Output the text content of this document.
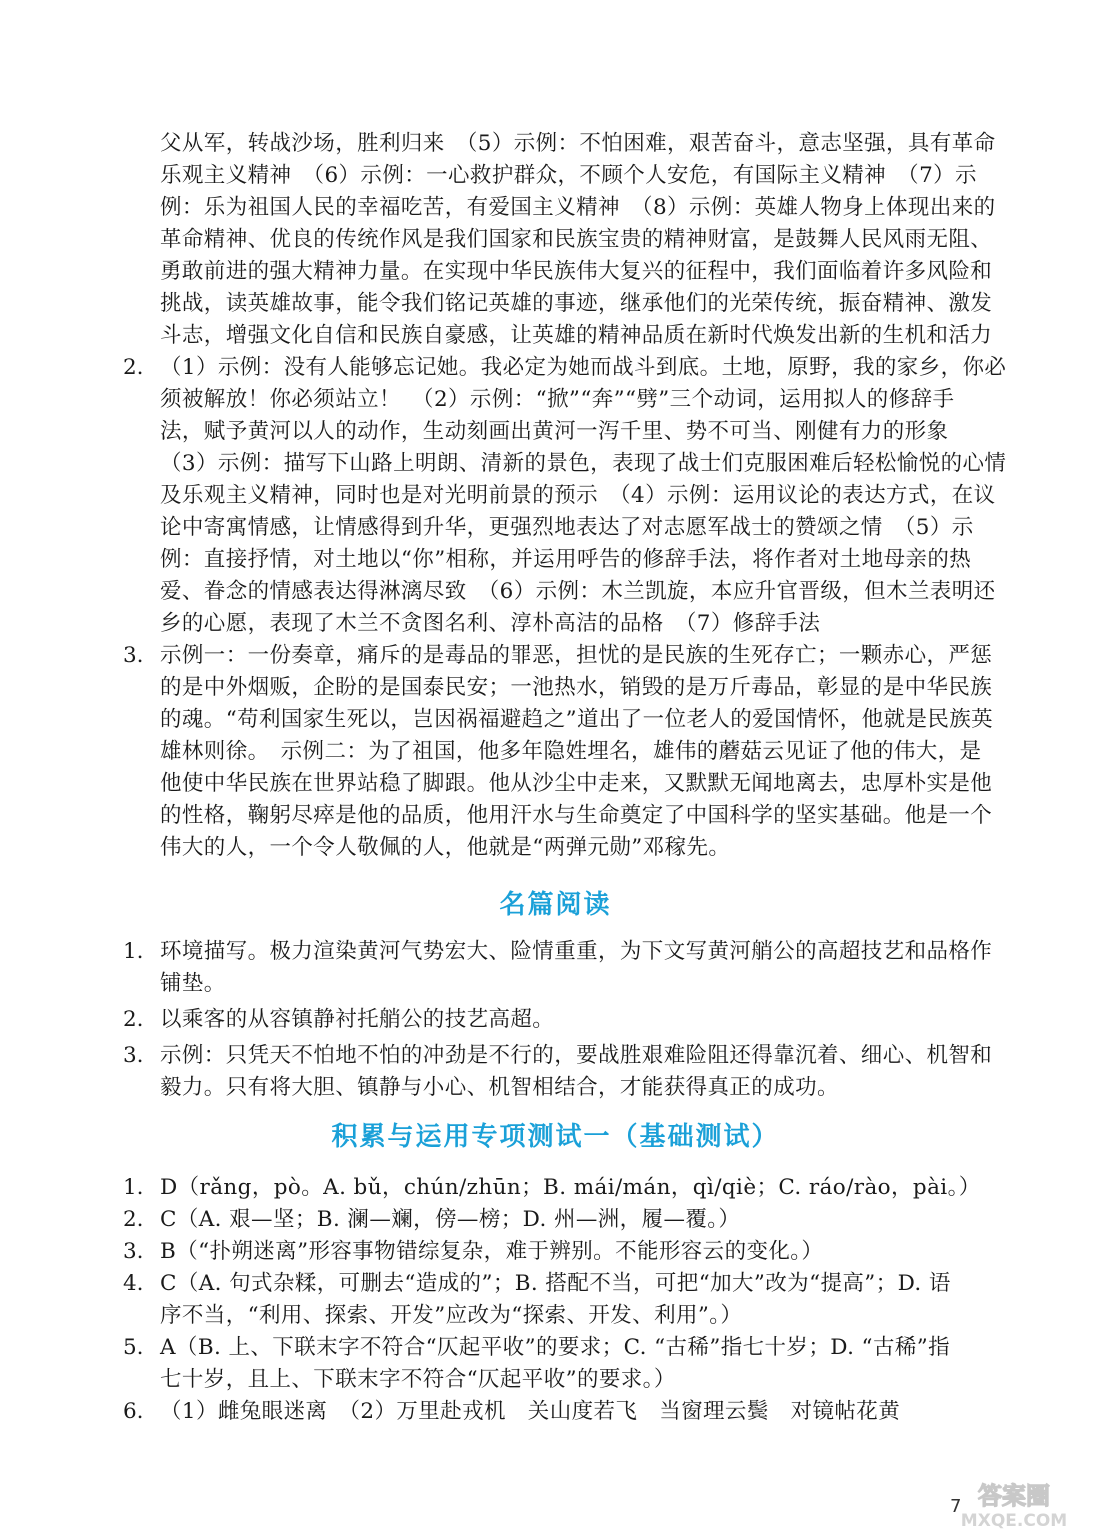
父从军，转战沙场，胜利归来　（5）示例：不怕困难，艰苦奋斗，意志坚强，具有革命
乐观主义精神　（6）示例：一心救护群众，不顾个人安危，有国际主义精神　（7）示
例：乐为祖国人民的幸福吃苦，有爱国主义精神　（8）示例：英雄人物身上体现出来的
革命精神、优良的传统作风是我们国家和民族宝贵的精神财富，是鼓舞人民风雨无阻、
勇敢前进的强大精神力量。在实现中华民族伟大复兴的征程中，我们面临着许多风险和
挑战，读英雄故事，能令我们铭记英雄的事迹，继承他们的光荣传统，振奋精神、激发
斗志，增强文化自信和民族自豪感，让英雄的精神品质在新时代焕发出新的生机和活力
2. （1）示例：没有人能够忘记她。我必定为她而战斗到底。土地，原野，我的家乡，你必
须被解放！你必须站立！　（2）示例：“掀”“奔”“劈”三个动词，运用拟人的修辞手
法，赋予黄河以人的动作，生动刻画出黄河一泻千里、势不可当、刚健有力的形象
（3）示例：描写下山路上明朗、清新的景色，表现了战士们克服困难后轻松愉悦的心情
及乐观主义精神，同时也是对光明前景的预示　（4）示例：运用议论的表达方式，在议
论中寄寓情感，让情感得到升华，更强烈地表达了对志愿军战士的赞颂之情　（5）示
例：直接抒情，对土地以“你”相称，并运用呼告的修辞手法，将作者对土地母亲的热
爱、眷念的情感表达得淋漓尽致　（6）示例：木兰凯旋，本应升官晋级，但木兰表明还
乡的心愿，表现了木兰不贪图名利、淳朴高洁的品格　（7）修辞手法
3. 示例一：一份奏章，痛斥的是毒品的罪恶，担忧的是民族的生死存亡；一颗赤心，严惩
的是中外烟贩，企盼的是国泰民安；一池热水，销毁的是万斤毒品，彰显的是中华民族
的魂。“苟利国家生死以，岂因祸福避趋之”道出了一位老人的爱国情怀，他就是民族英
雄林则徐。　示例二：为了祖国，他多年隐姓埋名，雄伟的蘑菇云见证了他的伟大，是
他使中华民族在世界站稳了脚跟。他从沙尘中走来，又默默无闻地离去，忠厚朴实是他
的性格，鞠躬尽瘁是他的品质，他用汗水与生命奠定了中国科学的坚实基础。他是一个
伟大的人，一个令人敬佩的人，他就是“两弹元勋”邓稼先。
名篇阅读
1. 环境描写。极力渲染黄河气势宏大、险情重重，为下文写黄河艄公的高超技艺和品格作
铺垫。
2. 以乘客的从容镇静衬托艄公的技艺高超。
3. 示例：只凭天不怕地不怕的冲劲是不行的，要战胜艰难险阻还得靠沉着、细心、机智和
毅力。只有将大胆、镇静与小心、机智相结合，才能获得真正的成功。
积累与运用专项测试一（基础测试）
1. D（rǎng，pò。A. bǔ，chún/zhūn；B. mái/mán，qì/qiè；C. ráo/rào，pài。）
2. C（A. 艰—坚；B. 澜—斓，傍—榜；D. 州—洲，履—覆。）
3. B（“扑朔迷离”形容事物错综复杂，难于辨别。不能形容云的变化。）
4. C（A. 句式杂糅，可删去“造成的”；B. 搭配不当，可把“加大”改为“提高”；D. 语
序不当，“利用、探索、开发”应改为“探索、开发、利用”。）
5. A（B. 上、下联末字不符合“仄起平收”的要求；C. “古稀”指七十岁；D. “古稀”指
七十岁，且上、下联末字不符合“仄起平收”的要求。）
6. （1）雌兔眼迷离　（2）万里赴戎机　关山度若飞　当窗理云鬓　对镜帖花黄
答案圈
MXQE.COM
7
